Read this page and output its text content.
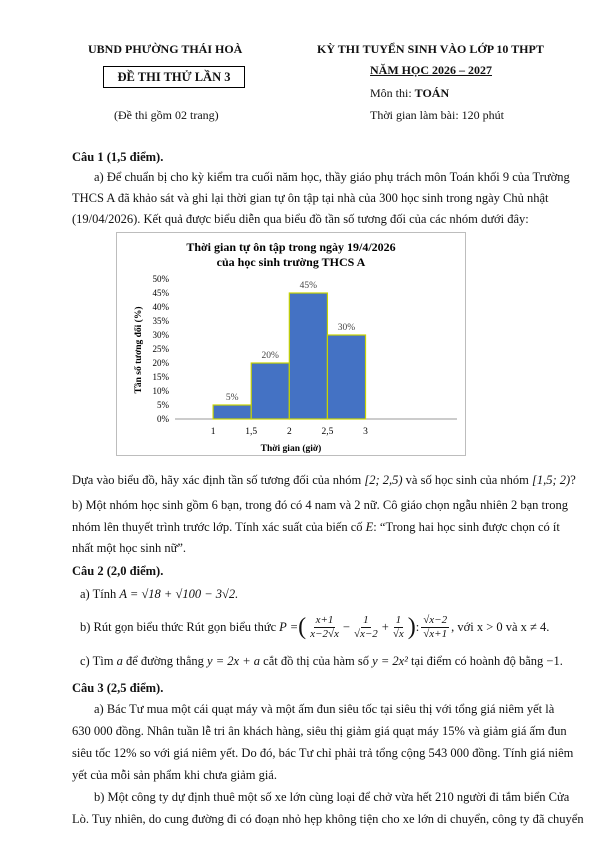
UBND PHƯỜNG THÁI HOÀ
ĐỀ THI THỬ LẦN 3
(Đề thi gồm 02 trang)
KỲ THI TUYỂN SINH VÀO LỚP 10 THPT
NĂM HỌC 2026 – 2027
Môn thi: TOÁN
Thời gian làm bài: 120 phút
Câu 1 (1,5 điểm).
a) Để chuẩn bị cho kỳ kiểm tra cuối năm học, thầy giáo phụ trách môn Toán khối 9 của Trường
THCS A đã khảo sát và ghi lại thời gian tự ôn tập tại nhà của 300 học sinh trong ngày Chủ nhật
(19/04/2026). Kết quả được biểu diễn qua biểu đồ tần số tương đối của các nhóm dưới đây:
Thời gian tự ôn tập trong ngày 19/4/2026
của học sinh trường THCS A
Thời gian (giờ)
Tần số tương đối (%)
0%
5%
10%
15%
20%
25%
30%
35%
40%
45%
50%
5%
20%
45%
30%
1	1,5	2	2,5	3
Dựa vào biểu đồ, hãy xác định tần số tương đối của nhóm [2; 2,5) và số học sinh của nhóm [1,5; 2)?
b) Một nhóm học sinh gồm 6 bạn, trong đó có 4 nam và 2 nữ. Cô giáo chọn ngẫu nhiên 2 bạn trong
nhóm lên thuyết trình trước lớp. Tính xác suất của biến cố E: “Trong hai học sinh được chọn có ít
nhất một học sinh nữ”.
Câu 2 (2,0 điểm).
a) Tính A = √18 + √100 − 3√2.
b) Rút gọn biểu thức Rút gọn biểu thức P = ( $\frac{x+1}{x-2√x} - \frac{1}{√x-2} + \frac{1}{√x}$ ) : $\frac{√x-2}{√x+1}$ , với x > 0 và x ≠ 4.
c) Tìm a để đường thẳng y = 2x + a cắt đồ thị của hàm số y = 2x² tại điểm có hoành độ bằng −1.
Câu 3 (2,5 điểm).
a) Bác Tư mua một cái quạt máy và một ấm đun siêu tốc tại siêu thị với tổng giá niêm yết là
630 000 đồng. Nhân tuần lễ tri ân khách hàng, siêu thị giảm giá quạt máy 15% và giảm giá ấm đun
siêu tốc 12% so với giá niêm yết. Do đó, bác Tư chỉ phải trả tổng cộng 543 000 đồng. Tính giá niêm
yết của mỗi sản phẩm khi chưa giảm giá.
b) Một công ty dự định thuê một số xe lớn cùng loại để chở vừa hết 210 người đi tắm biển Cửa
Lò. Tuy nhiên, do cung đường đi có đoạn nhỏ hẹp không tiện cho xe lớn di chuyển, công ty đã chuyển
